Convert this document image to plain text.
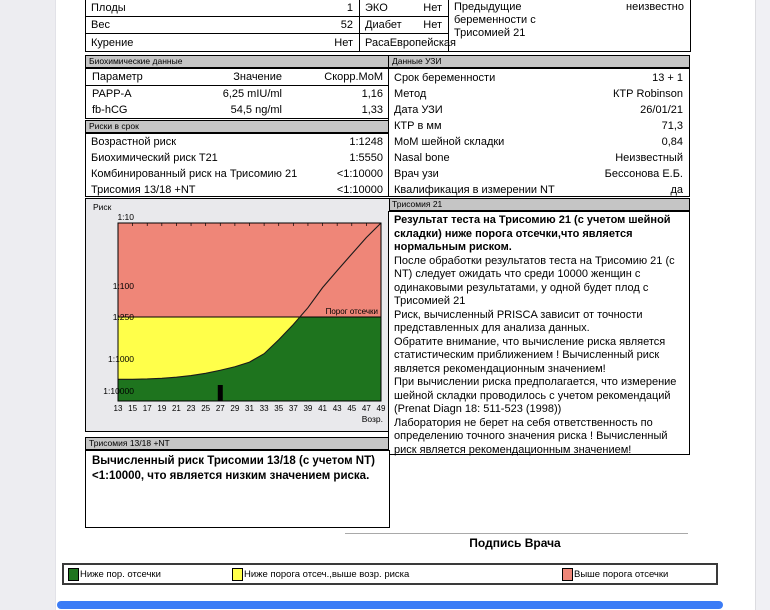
Плоды	1
Вес	52
Курение	Нет
ЭКО	Нет
Диабет Нет
Раса Европейская
Предыдущие беременности с Трисомией 21
неизвестно
Биохимические данные
Риски в срок
Данные УЗИ
Трисомия 21
Трисомия 13/18 +NT
Параметр	Значение	Скорр.MoM
PAPP-A	6,25 mIU/ml	1,16
fb-hCG	54,5 ng/ml	1,33
Возрастной риск	1:1248
Биохимический риск Т21	1:5550
Комбинированный риск на Трисомию 21	<1:10000
Трисомия 13/18 +NT	<1:10000
Срок беременности	13 + 1
Метод	КТР Robinson
Дата УЗИ	26/01/21
КТР в мм	71,3
MoM шейной складки	0,84
Nasal bone	Неизвестный
Врач узи	Бессонова Е.Б.
Квалификация в измерении NT	да
1:10
1:100
1:250
1:1000
1:10000
13 15 17 19 21 23 25 27 29 31 33 35 37 39 41 43 45 47 49
Риск
Возр.
Порог отсечки
Результат теста на Трисомию 21 (с учетом шейной складки) ниже порога отсечки,что является нормальным риском.
После обработки результатов теста на Трисомию 21 (с NT) следует ожидать что среди 10000 женщин с одинаковыми результатами, у одной будет плод с Трисомией 21
Риск, вычисленный PRISCA зависит от точности представленных для анализа данных.
Обратите внимание, что вычисление риска является статистическим приближением ! Вычисленный риск является рекомендационным значением!
При вычислении риска предполагается, что измерение шейной складки проводилось с учетом рекомендаций (Prenat Diagn 18: 511-523 (1998))
Лаборатория не берет на себя ответственность по определению точного значения риска ! Вычисленный риск является рекомендационным значением!
Вычисленный риск Трисомии 13/18 (с учетом NT) <1:10000, что является низким значением риска.
Подпись Врача
Ниже пор. отсечки	Ниже порога отсеч.,выше возр. риска	Выше порога отсечки
